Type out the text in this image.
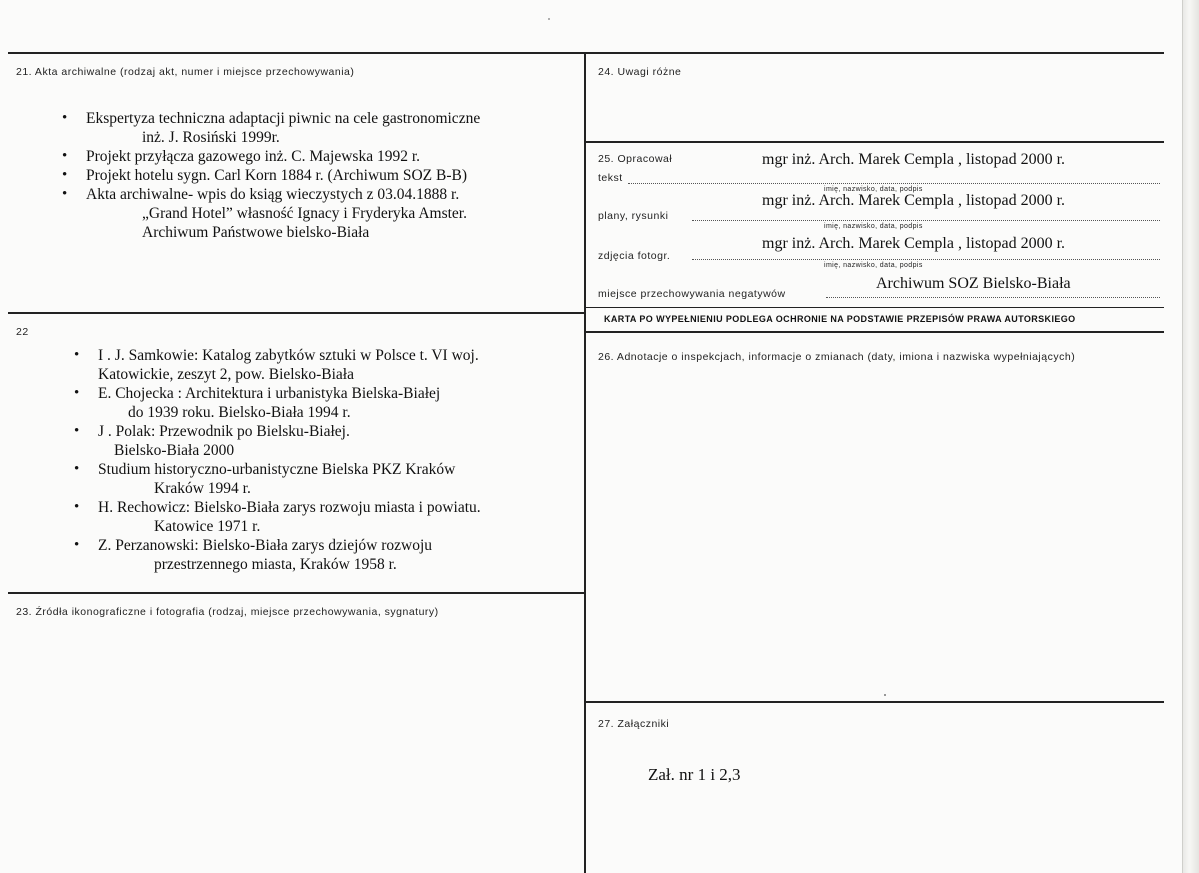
21. Akta archiwalne (rodzaj akt, numer i miejsce przechowywania)
• Ekspertyza techniczna adaptacji piwnic na cele gastronomiczne
inż. J. Rosiński 1999r.
• Projekt przyłącza gazowego inż. C. Majewska 1992 r.
• Projekt hotelu sygn. Carl Korn 1884 r. (Archiwum SOZ B-B)
• Akta archiwalne- wpis do ksiąg wieczystych z 03.04.1888 r.
„Grand Hotel” własność Ignacy i Fryderyka Amster.
Archiwum Państwowe bielsko-Biała
22
• I . J. Samkowie: Katalog zabytków sztuki w Polsce t. VI woj.
Katowickie, zeszyt 2, pow. Bielsko-Biała
• E. Chojecka : Architektura i urbanistyka Bielska-Białej
do 1939 roku. Bielsko-Biała 1994 r.
• J . Polak: Przewodnik po Bielsku-Białej.
Bielsko-Biała 2000
• Studium historyczno-urbanistyczne Bielska PKZ Kraków
Kraków 1994 r.
• H. Rechowicz: Bielsko-Biała zarys rozwoju miasta i powiatu.
Katowice 1971 r.
• Z. Perzanowski: Bielsko-Biała zarys dziejów rozwoju
przestrzennego miasta, Kraków 1958 r.
23. Źródła ikonograficzne i fotografia (rodzaj, miejsce przechowywania, sygnatury)
24. Uwagi różne
25. Opracował
tekst
mgr inż. Arch. Marek Cempla , listopad 2000 r.
imię, nazwisko, data, podpis
plany, rysunki
mgr inż. Arch. Marek Cempla , listopad 2000 r.
imię, nazwisko, data, podpis
zdjęcia fotogr.
mgr inż. Arch. Marek Cempla , listopad 2000 r.
imię, nazwisko, data, podpis
miejsce przechowywania negatywów
Archiwum SOZ Bielsko-Biała
KARTA PO WYPEŁNIENIU PODLEGA OCHRONIE NA PODSTAWIE PRZEPISÓW PRAWA AUTORSKIEGO
26. Adnotacje o inspekcjach, informacje o zmianach (daty, imiona i nazwiska wypełniających)
27. Załączniki
Zał. nr 1 i 2,3
